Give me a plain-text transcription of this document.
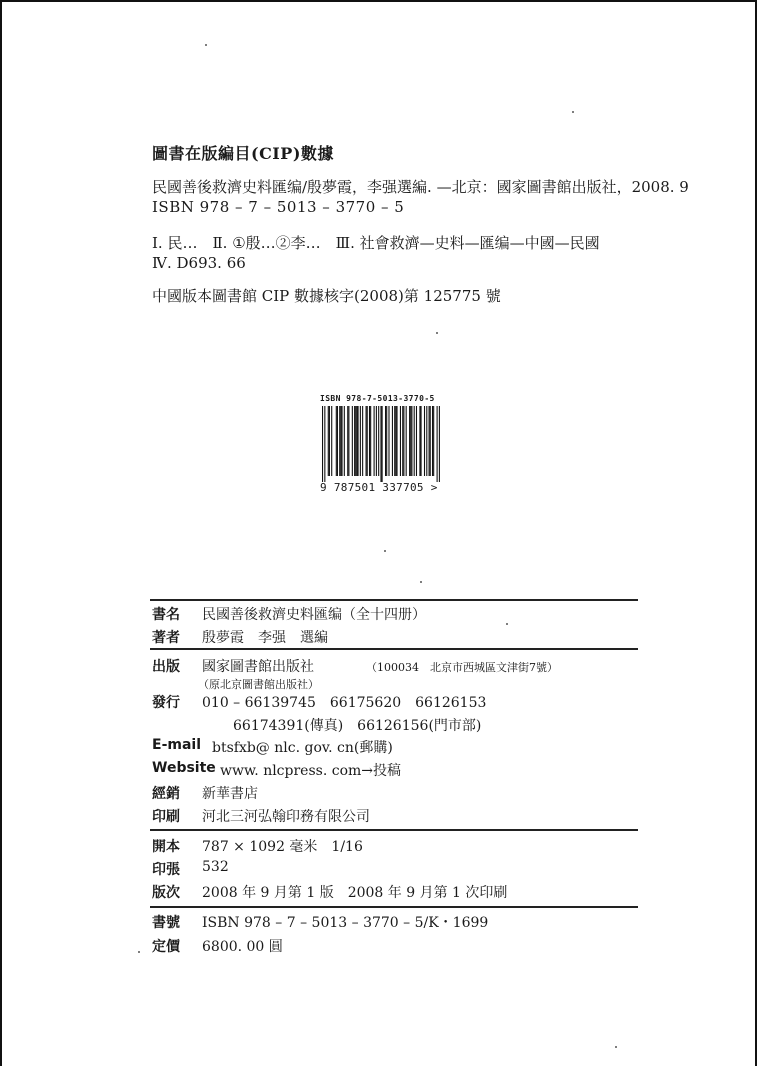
圖書在版編目(CIP)數據
民國善後救濟史料匯编/殷夢霞，李强選編. —北京：國家圖書館出版社，2008. 9
ISBN 978 – 7 – 5013 – 3770 – 5
Ⅰ. 民…　Ⅱ. ①殷…②李…　Ⅲ. 社會救濟—史料—匯编—中國—民國
Ⅳ. D693. 66
中國版本圖書館 CIP 數據核字(2008)第 125775 號
ISBN 978-7-5013-3770-5
9 787501 337705 >
書名 民國善後救濟史料匯编（全十四册）
著者 殷夢霞　李强　選編
出版 國家圖書館出版社	（100034　北京市西城區文津街7號）
（原北京圖書館出版社）
發行 010 – 66139745　66175620　66126153
66174391(傳真)　66126156(門市部)
E-mail btsfxb@ nlc. gov. cn(郵購)
Website www. nlcpress. com→投稿
經銷 新華書店
印刷 河北三河弘翰印務有限公司
開本 787 × 1092 毫米　1/16
印張 532
版次 2008 年 9 月第 1 版　2008 年 9 月第 1 次印刷
書號 ISBN 978 – 7 – 5013 – 3770 – 5/K・1699
定價 6800. 00 圓
